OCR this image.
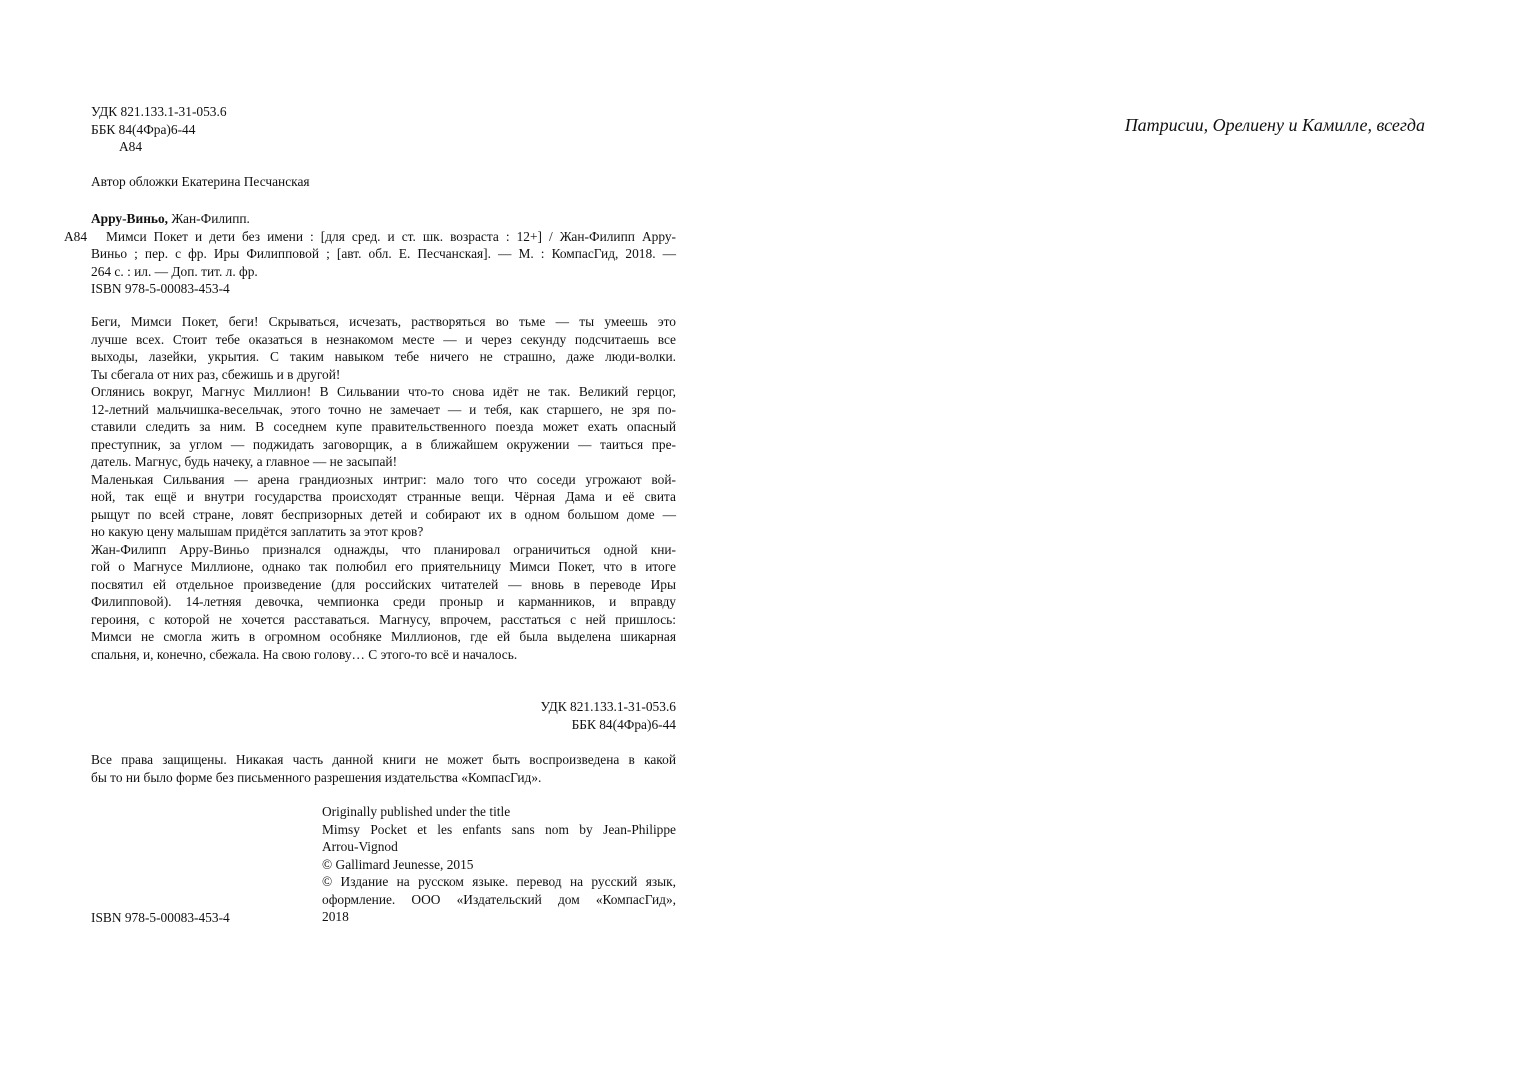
УДК 821.133.1-31-053.6
ББК 84(4Фра)6-44
А84
Автор обложки Екатерина Песчанская
Арру-Виньо, Жан-Филипп.
А84	Мимси Покет и дети без имени : [для сред. и ст. шк. возраста : 12+] / Жан-Филипп Арру-
Виньо ; пер. с фр. Иры Филипповой ; [авт. обл. Е. Песчанская]. — М. : КомпасГид, 2018. —
264 с. : ил. — Доп. тит. л. фр.
ISBN 978-5-00083-453-4
Беги, Мимси Покет, беги! Скрываться, исчезать, растворяться во тьме — ты умеешь это
лучше всех. Стоит тебе оказаться в незнакомом месте — и через секунду подсчитаешь все
выходы, лазейки, укрытия. С таким навыком тебе ничего не страшно, даже люди-волки.
Ты сбегала от них раз, сбежишь и в другой!
Оглянись вокруг, Магнус Миллион! В Сильвании что-то снова идёт не так. Великий герцог,
12-летний мальчишка-весельчак, этого точно не замечает — и тебя, как старшего, не зря по-
ставили следить за ним. В соседнем купе правительственного поезда может ехать опасный
преступник, за углом — поджидать заговорщик, а в ближайшем окружении — таиться пре-
датель. Магнус, будь начеку, а главное — не засыпай!
Маленькая Сильвания — арена грандиозных интриг: мало того что соседи угрожают вой-
ной, так ещё и внутри государства происходят странные вещи. Чёрная Дама и её свита
рыщут по всей стране, ловят беспризорных детей и собирают их в одном большом доме —
но какую цену малышам придётся заплатить за этот кров?
Жан-Филипп Арру-Виньо признался однажды, что планировал ограничиться одной кни-
гой о Магнусе Миллионе, однако так полюбил его приятельницу Мимси Покет, что в итоге
посвятил ей отдельное произведение (для российских читателей — вновь в переводе Иры
Филипповой). 14-летняя девочка, чемпионка среди проныр и карманников, и вправду
героиня, с которой не хочется расставаться. Магнусу, впрочем, расстаться с ней пришлось:
Мимси не смогла жить в огромном особняке Миллионов, где ей была выделена шикарная
спальня, и, конечно, сбежала. На свою голову… С этого-то всё и началось.
УДК 821.133.1-31-053.6
ББК 84(4Фра)6-44
Все права защищены. Никакая часть данной книги не может быть воспроизведена в какой
бы то ни было форме без письменного разрешения издательства «КомпасГид».
Originally published under the title
Mimsy Pocket et les enfants sans nom by Jean-Philippe
Arrou-Vignod
© Gallimard Jeunesse, 2015
© Издание на русском языке. перевод на русский язык,
оформление. ООО «Издательский дом «КомпасГид»,
2018
ISBN 978-5-00083-453-4
Патрисии, Орелиену и Камилле, всегда
